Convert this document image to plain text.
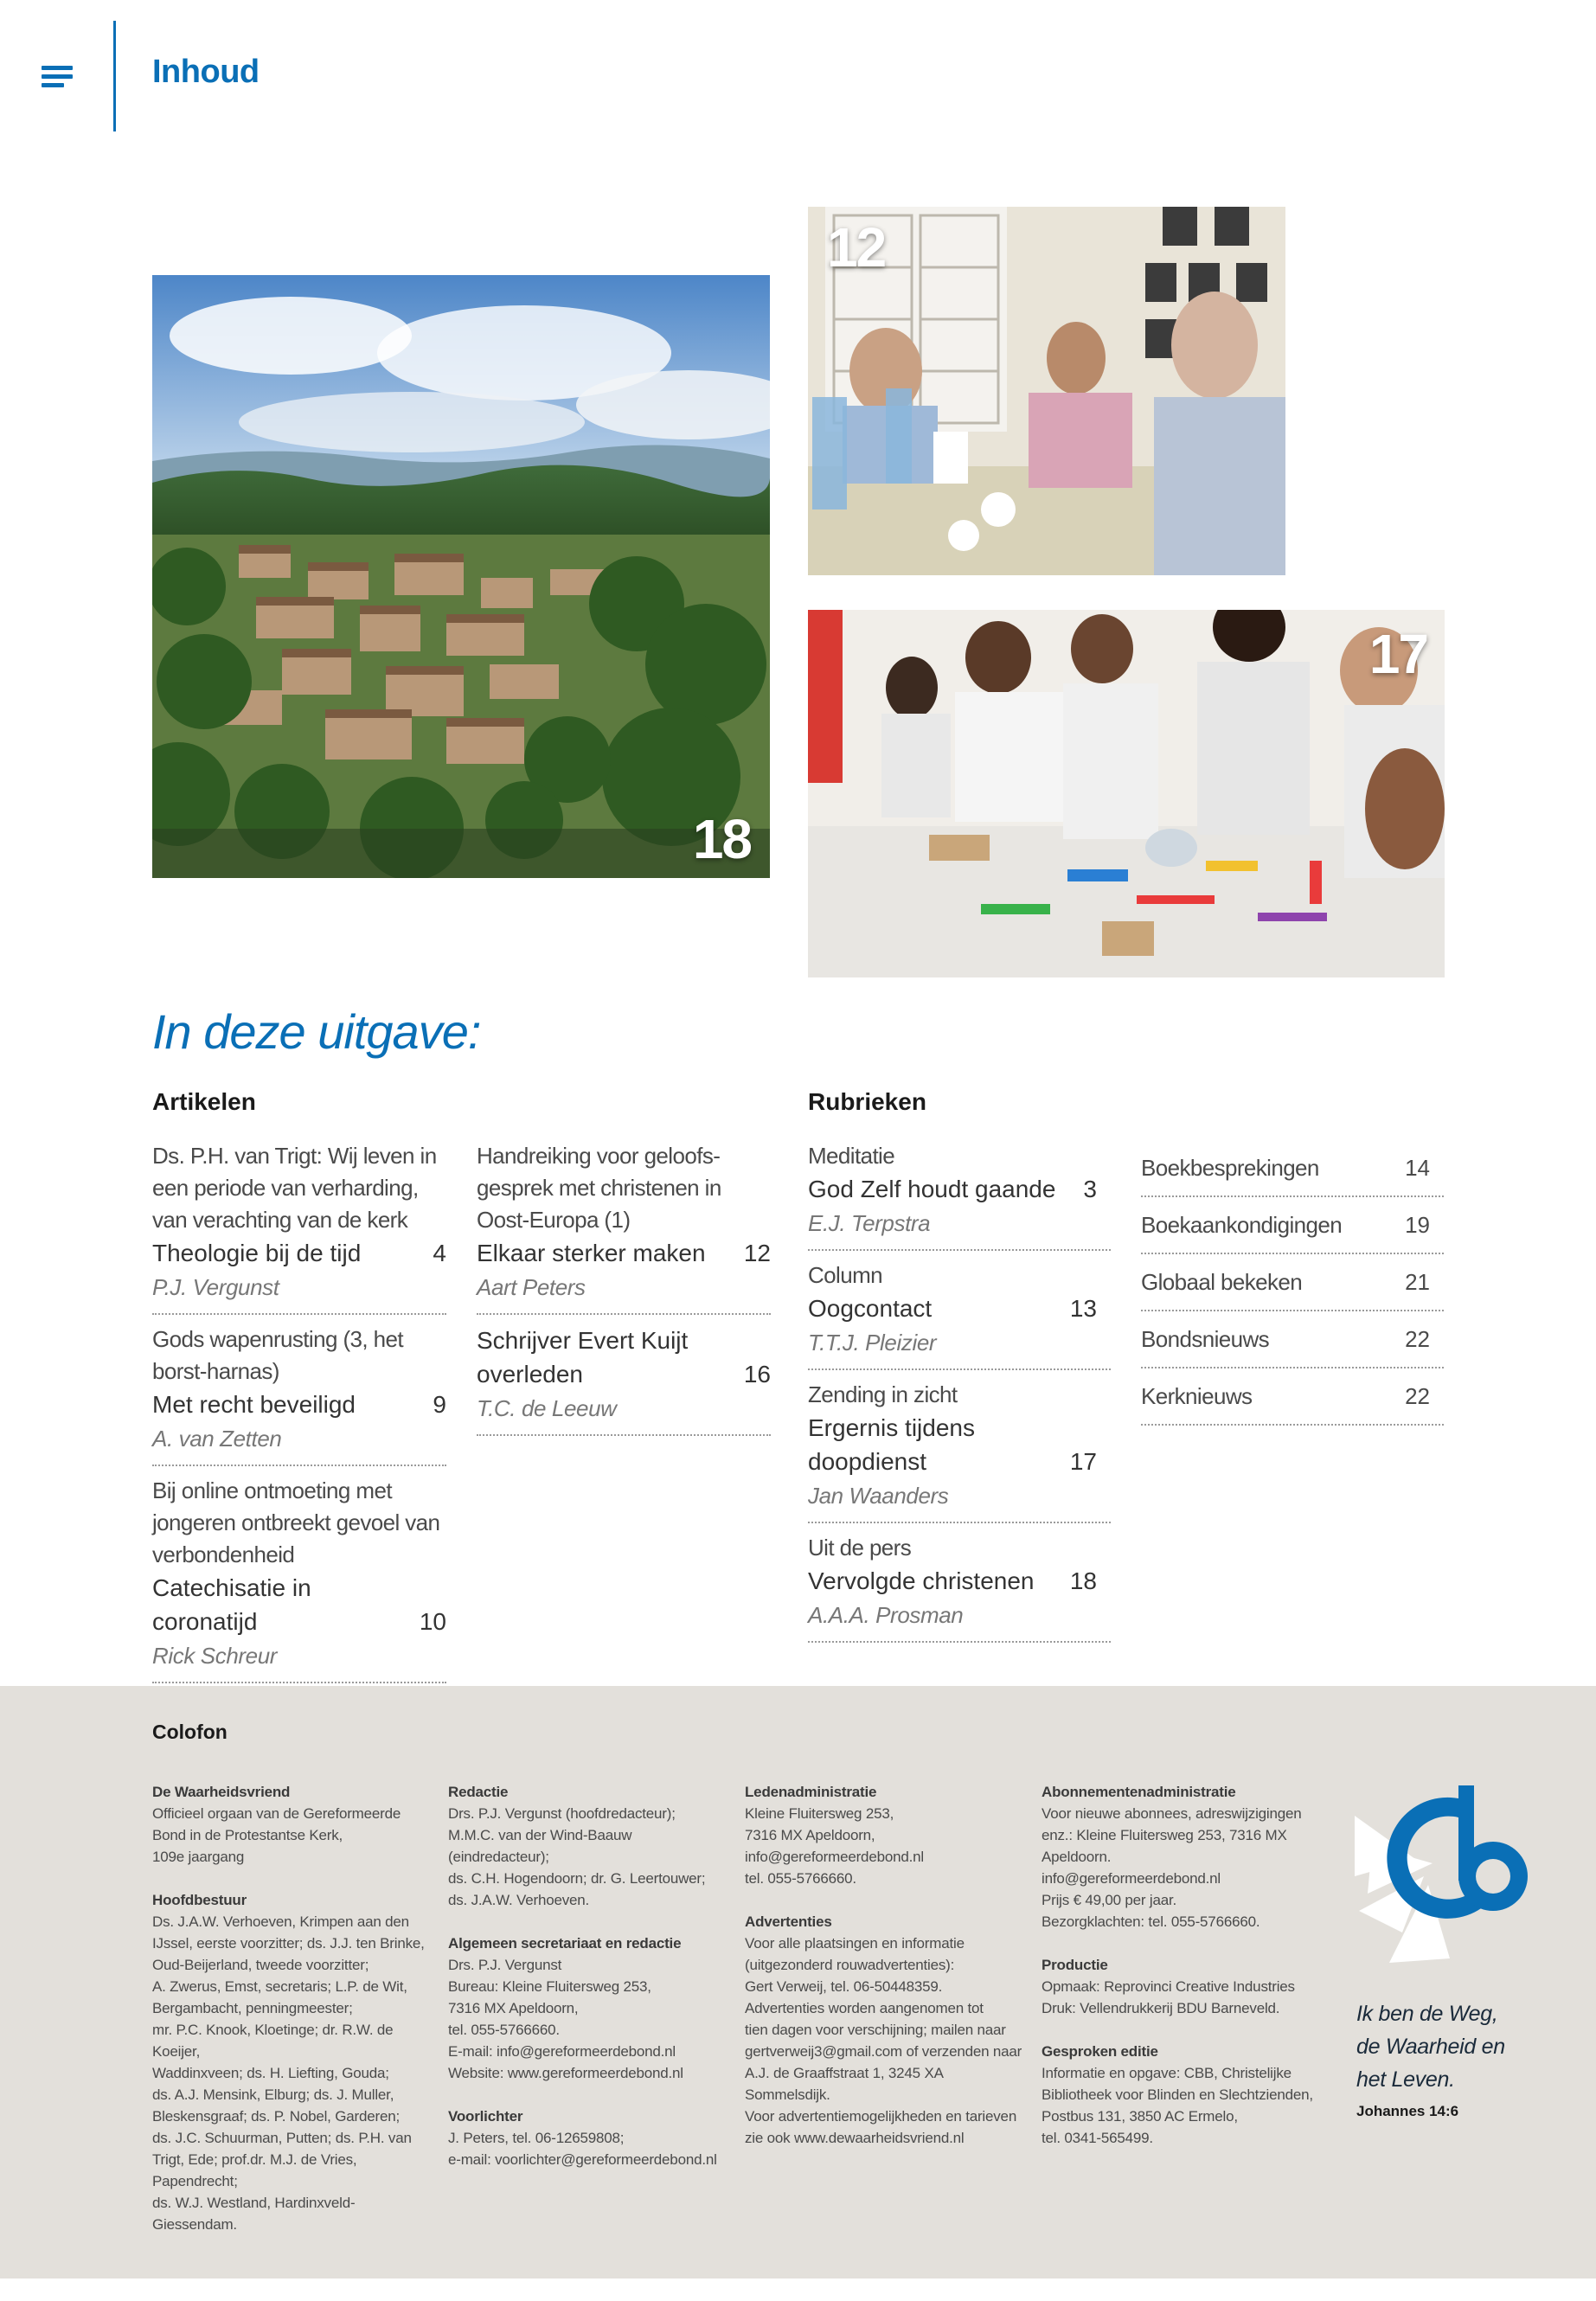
Inhoud
18
12
17
In deze uitgave:
Artikelen	Rubrieken
Ds. P.H. van Trigt: Wij leven in een periode van verharding, van verachting van de kerk
Theologie bij de tijd	4
P.J. Vergunst
Gods wapenrusting (3, het borst-harnas)
Met recht beveiligd	9
A. van Zetten
Bij online ontmoeting met jongeren ontbreekt gevoel van verbondenheid
Catechisatie in coronatijd	10
Rick Schreur
Handreiking voor geloofs-gesprek met christenen in Oost-Europa (1)
Elkaar sterker maken 12
Aart Peters
Schrijver Evert Kuijt overleden	16
T.C. de Leeuw
Meditatie
God Zelf houdt gaande 3
E.J. Terpstra
Column
Oogcontact	13
T.T.J. Pleizier
Zending in zicht
Ergernis tijdens doopdienst	17
Jan Waanders
Uit de pers
Vervolgde christenen 18
A.A.A. Prosman
Boekbesprekingen	14
Boekaankondigingen	19
Globaal bekeken	21
Bondsnieuws	22
Kerknieuws	22
Colofon
De Waarheidsvriend
Officieel orgaan van de Gereformeerde
Bond in de Protestantse Kerk,
109e jaargang
Hoofdbestuur
Ds. J.A.W. Verhoeven, Krimpen aan den
IJssel, eerste voorzitter; ds. J.J. ten Brinke,
Oud-Beijerland, tweede voorzitter;
A. Zwerus, Emst, secretaris; L.P. de Wit,
Bergambacht, penningmeester;
mr. P.C. Knook, Kloetinge; dr. R.W. de Koeijer,
Waddinxveen; ds. H. Liefting, Gouda;
ds. A.J. Mensink, Elburg; ds. J. Muller,
Bleskensgraaf; ds. P. Nobel, Garderen;
ds. J.C. Schuurman, Putten; ds. P.H. van
Trigt, Ede; prof.dr. M.J. de Vries, Papendrecht;
ds. W.J. Westland, Hardinxveld-Giessendam.
Redactie
Drs. P.J. Vergunst (hoofdredacteur);
M.M.C. van der Wind-Baauw (eindredacteur);
ds. C.H. Hogendoorn; dr. G. Leertouwer;
ds. J.A.W. Verhoeven.
Algemeen secretariaat en redactie
Drs. P.J. Vergunst
Bureau: Kleine Fluitersweg 253,
7316 MX Apeldoorn,
tel. 055-5766660.
E-mail: info@gereformeerdebond.nl
Website: www.gereformeerdebond.nl
Voorlichter
J. Peters, tel. 06-12659808;
e-mail: voorlichter@gereformeerdebond.nl
Ledenadministratie
Kleine Fluitersweg 253,
7316 MX Apeldoorn,
info@gereformeerdebond.nl
tel. 055-5766660.
Advertenties
Voor alle plaatsingen en informatie
(uitgezonderd rouwadvertenties):
Gert Verweij, tel. 06-50448359.
Advertenties worden aangenomen tot
tien dagen voor verschijning; mailen naar
gertverweij3@gmail.com of verzenden naar
A.J. de Graaffstraat 1, 3245 XA Sommelsdijk.
Voor advertentiemogelijkheden en tarieven
zie ook www.dewaarheidsvriend.nl
Abonnementenadministratie
Voor nieuwe abonnees, adreswijzigingen
enz.: Kleine Fluitersweg 253, 7316 MX
Apeldoorn.
info@gereformeerdebond.nl
Prijs € 49,00 per jaar.
Bezorgklachten: tel. 055-5766660.
Productie
Opmaak: Reprovinci Creative Industries
Druk: Vellendrukkerij BDU Barneveld.
Gesproken editie
Informatie en opgave: CBB, Christelijke
Bibliotheek voor Blinden en Slechtzienden,
Postbus 131, 3850 AC Ermelo,
tel. 0341-565499.
Ik ben de Weg,
de Waarheid en
het Leven.
Johannes 14:6
